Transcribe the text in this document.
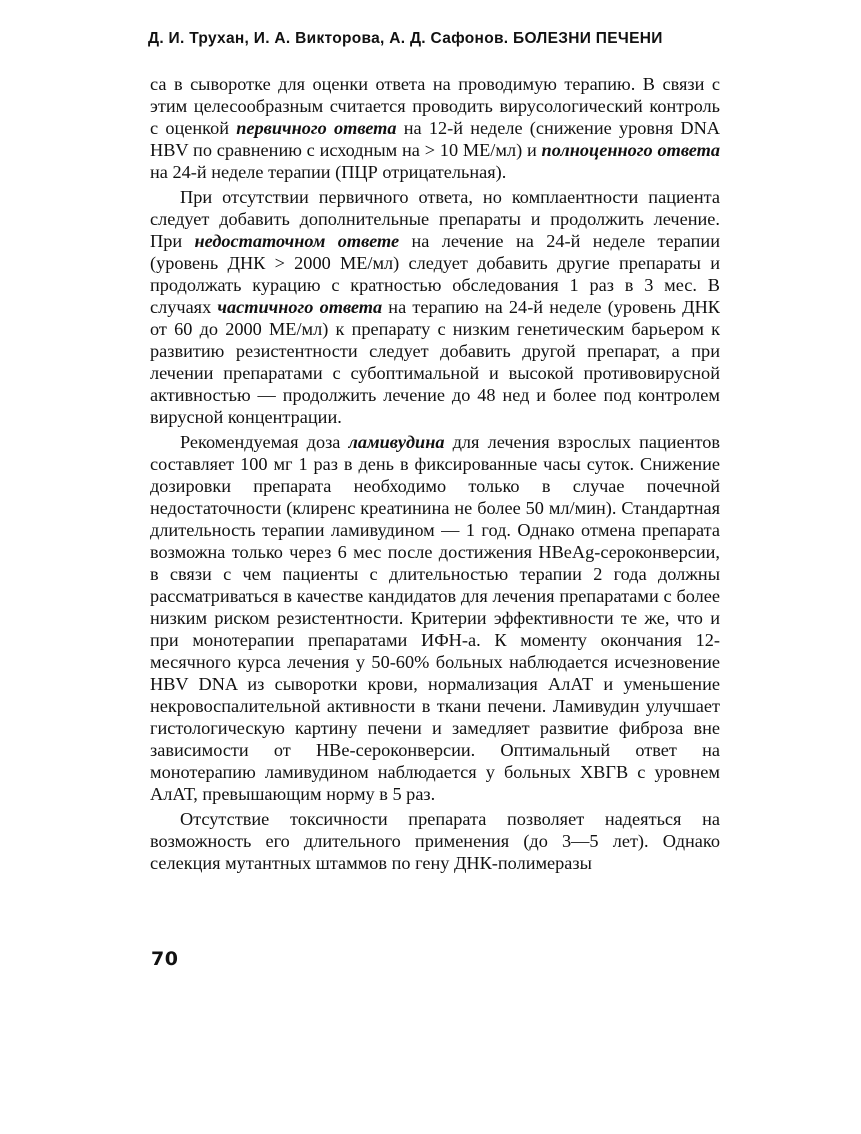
Д. И. Трухан, И. А. Викторова, А. Д. Сафонов. БОЛЕЗНИ ПЕЧЕНИ

са в сыворотке для оценки ответа на проводимую терапию. В связи с этим целесообразным считается проводить вирусологический контроль с оценкой первичного ответа на 12-й неделе (снижение уровня DNA HBV по сравнению с исходным на > 10 МЕ/мл) и полноценного ответа на 24-й неделе терапии (ПЦР отрицательная).

При отсутствии первичного ответа, но комплаентности пациента следует добавить дополнительные препараты и продолжить лечение. При недостаточном ответе на лечение на 24-й неделе терапии (уровень ДНК > 2000 МЕ/мл) следует добавить другие препараты и продолжать курацию с кратностью обследования 1 раз в 3 мес. В случаях частичного ответа на терапию на 24-й неделе (уровень ДНК от 60 до 2000 МЕ/мл) к препарату с низким генетическим барьером к развитию резистентности следует добавить другой препарат, а при лечении препаратами с субоптимальной и высокой противовирусной активностью — продолжить лечение до 48 нед и более под контролем вирусной концентрации.

Рекомендуемая доза ламивудина для лечения взрослых пациентов составляет 100 мг 1 раз в день в фиксированные часы суток. Снижение дозировки препарата необходимо только в случае почечной недостаточности (клиренс креатинина не более 50 мл/мин). Стандартная длительность терапии ламивудином — 1 год. Однако отмена препарата возможна только через 6 мес после достижения HBeAg-сероконверсии, в связи с чем пациенты с длительностью терапии 2 года должны рассматриваться в качестве кандидатов для лечения препаратами с более низким риском резистентности. Критерии эффективности те же, что и при монотерапии препаратами ИФН-а. К моменту окончания 12-месячного курса лечения у 50-60% больных наблюдается исчезновение HBV DNA из сыворотки крови, нормализация АлАТ и уменьшение некровоспалительной активности в ткани печени. Ламивудин улучшает гистологическую картину печени и замедляет развитие фиброза вне зависимости от HBe-сероконверсии. Оптимальный ответ на монотерапию ламивудином наблюдается у больных ХВГВ с уровнем АлАТ, превышающим норму в 5 раз.

Отсутствие токсичности препарата позволяет надеяться на возможность его длительного применения (до 3—5 лет). Однако селекция мутантных штаммов по гену ДНК-полимеразы

70
